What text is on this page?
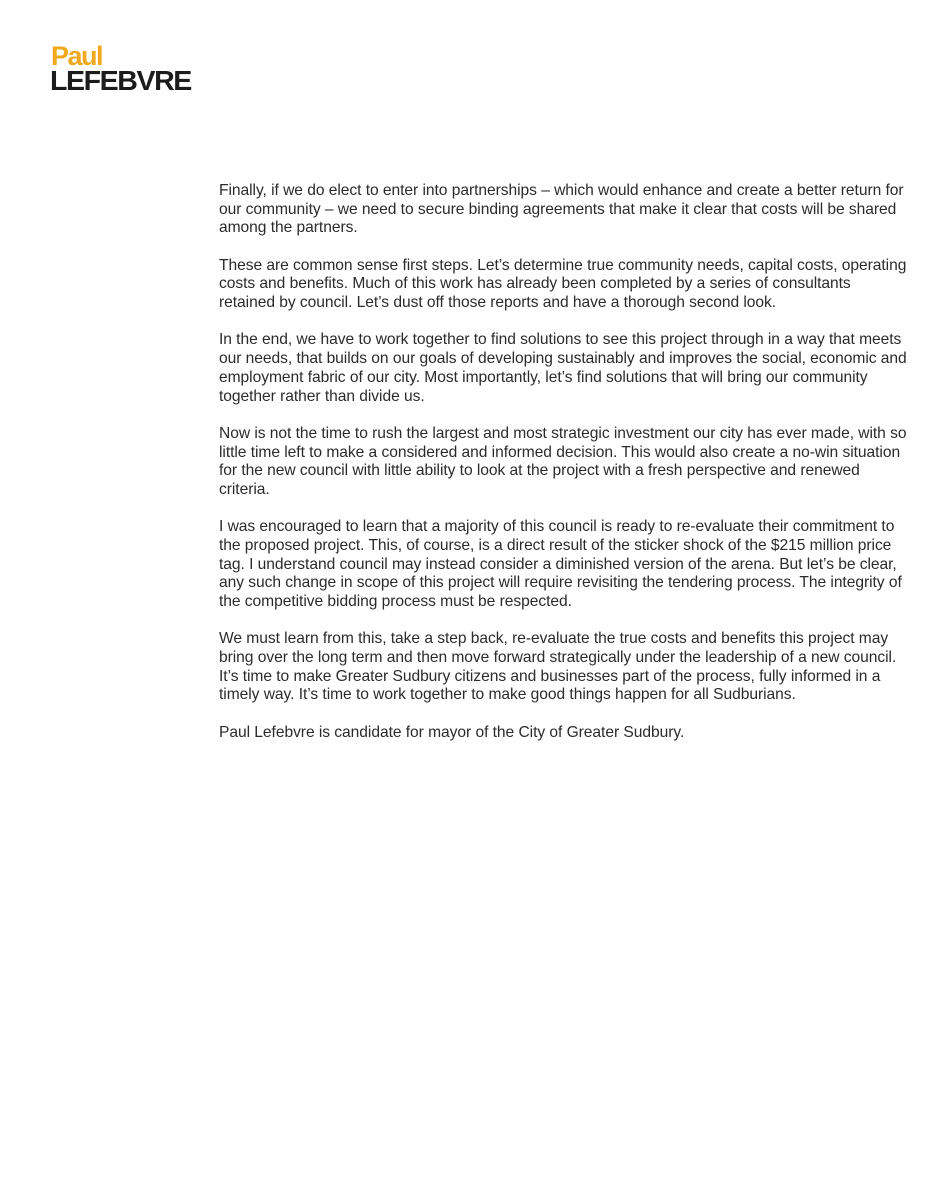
Paul
LEFEBVRE

Finally, if we do elect to enter into partnerships – which would enhance and create a better return for our community – we need to secure binding agreements that make it clear that costs will be shared among the partners.

These are common sense first steps. Let’s determine true community needs, capital costs, operating costs and benefits. Much of this work has already been completed by a series of consultants retained by council. Let’s dust off those reports and have a thorough second look.

In the end, we have to work together to find solutions to see this project through in a way that meets our needs, that builds on our goals of developing sustainably and improves the social, economic and employment fabric of our city. Most importantly, let’s find solutions that will bring our community together rather than divide us.

Now is not the time to rush the largest and most strategic investment our city has ever made, with so little time left to make a considered and informed decision. This would also create a no-win situation for the new council with little ability to look at the project with a fresh perspective and renewed criteria.

I was encouraged to learn that a majority of this council is ready to re-evaluate their commitment to the proposed project. This, of course, is a direct result of the sticker shock of the $215 million price tag. I understand council may instead consider a diminished version of the arena. But let’s be clear, any such change in scope of this project will require revisiting the tendering process. The integrity of the competitive bidding process must be respected.

We must learn from this, take a step back, re-evaluate the true costs and benefits this project may bring over the long term and then move forward strategically under the leadership of a new council. It’s time to make Greater Sudbury citizens and businesses part of the process, fully informed in a timely way. It’s time to work together to make good things happen for all Sudburians.

Paul Lefebvre is candidate for mayor of the City of Greater Sudbury.
